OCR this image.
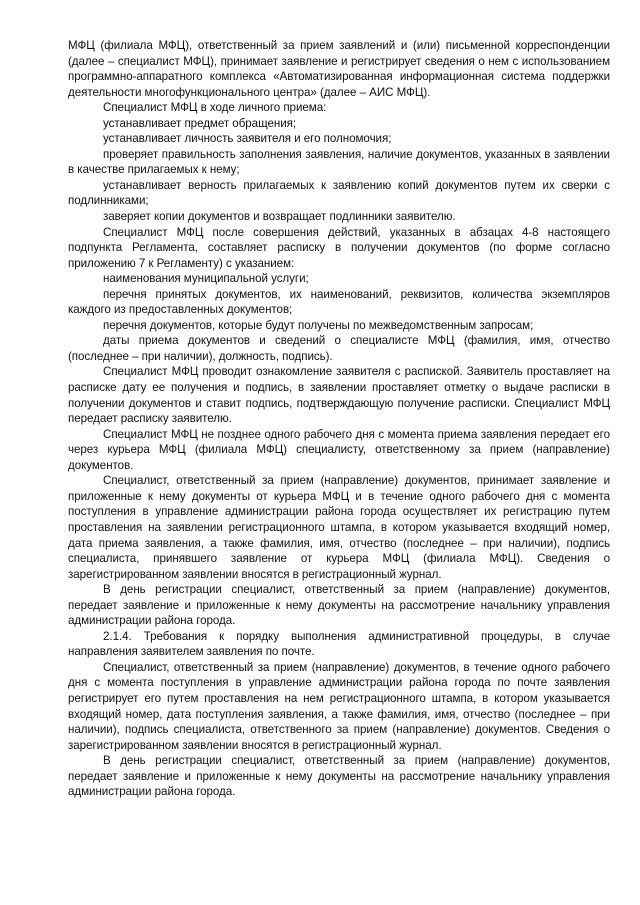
МФЦ (филиала МФЦ), ответственный за прием заявлений и (или) письменной корреспонденции (далее – специалист МФЦ), принимает заявление и регистрирует сведения о нем с использованием программно-аппаратного комплекса «Автоматизированная информационная система поддержки деятельности многофункционального центра» (далее – АИС МФЦ).

Специалист МФЦ в ходе личного приема:

устанавливает предмет обращения;

устанавливает личность заявителя и его полномочия;

проверяет правильность заполнения заявления, наличие документов, указанных в заявлении в качестве прилагаемых к нему;

устанавливает верность прилагаемых к заявлению копий документов путем их сверки с подлинниками;

заверяет копии документов и возвращает подлинники заявителю.

Специалист МФЦ после совершения действий, указанных в абзацах 4-8 настоящего подпункта Регламента, составляет расписку в получении документов (по форме согласно приложению 7 к Регламенту) с указанием:

наименования муниципальной услуги;

перечня принятых документов, их наименований, реквизитов, количества экземпляров каждого из предоставленных документов;

перечня документов, которые будут получены по межведомственным запросам;

даты приема документов и сведений о специалисте МФЦ (фамилия, имя, отчество (последнее – при наличии), должность, подпись).

Специалист МФЦ проводит ознакомление заявителя с распиской. Заявитель проставляет на расписке дату ее получения и подпись, в заявлении проставляет отметку о выдаче расписки в получении документов и ставит подпись, подтверждающую получение расписки. Специалист МФЦ передает расписку заявителю.

Специалист МФЦ не позднее одного рабочего дня с момента приема заявления передает его через курьера МФЦ (филиала МФЦ) специалисту, ответственному за прием (направление) документов.

Специалист, ответственный за прием (направление) документов, принимает заявление и приложенные к нему документы от курьера МФЦ и в течение одного рабочего дня с момента поступления в управление администрации района города осуществляет их регистрацию путем проставления на заявлении регистрационного штампа, в котором указывается входящий номер, дата приема заявления, а также фамилия, имя, отчество (последнее – при наличии), подпись специалиста, принявшего заявление от курьера МФЦ (филиала МФЦ). Сведения о зарегистрированном заявлении вносятся в регистрационный журнал.

В день регистрации специалист, ответственный за прием (направление) документов, передает заявление и приложенные к нему документы на рассмотрение начальнику управления администрации района города.

2.1.4. Требования к порядку выполнения административной процедуры, в случае направления заявителем заявления по почте.

Специалист, ответственный за прием (направление) документов, в течение одного рабочего дня с момента поступления в управление администрации района города по почте заявления регистрирует его путем проставления на нем регистрационного штампа, в котором указывается входящий номер, дата поступления заявления, а также фамилия, имя, отчество (последнее – при наличии), подпись специалиста, ответственного за прием (направление) документов. Сведения о зарегистрированном заявлении вносятся в регистрационный журнал.

В день регистрации специалист, ответственный за прием (направление) документов, передает заявление и приложенные к нему документы на рассмотрение начальнику управления администрации района города.
